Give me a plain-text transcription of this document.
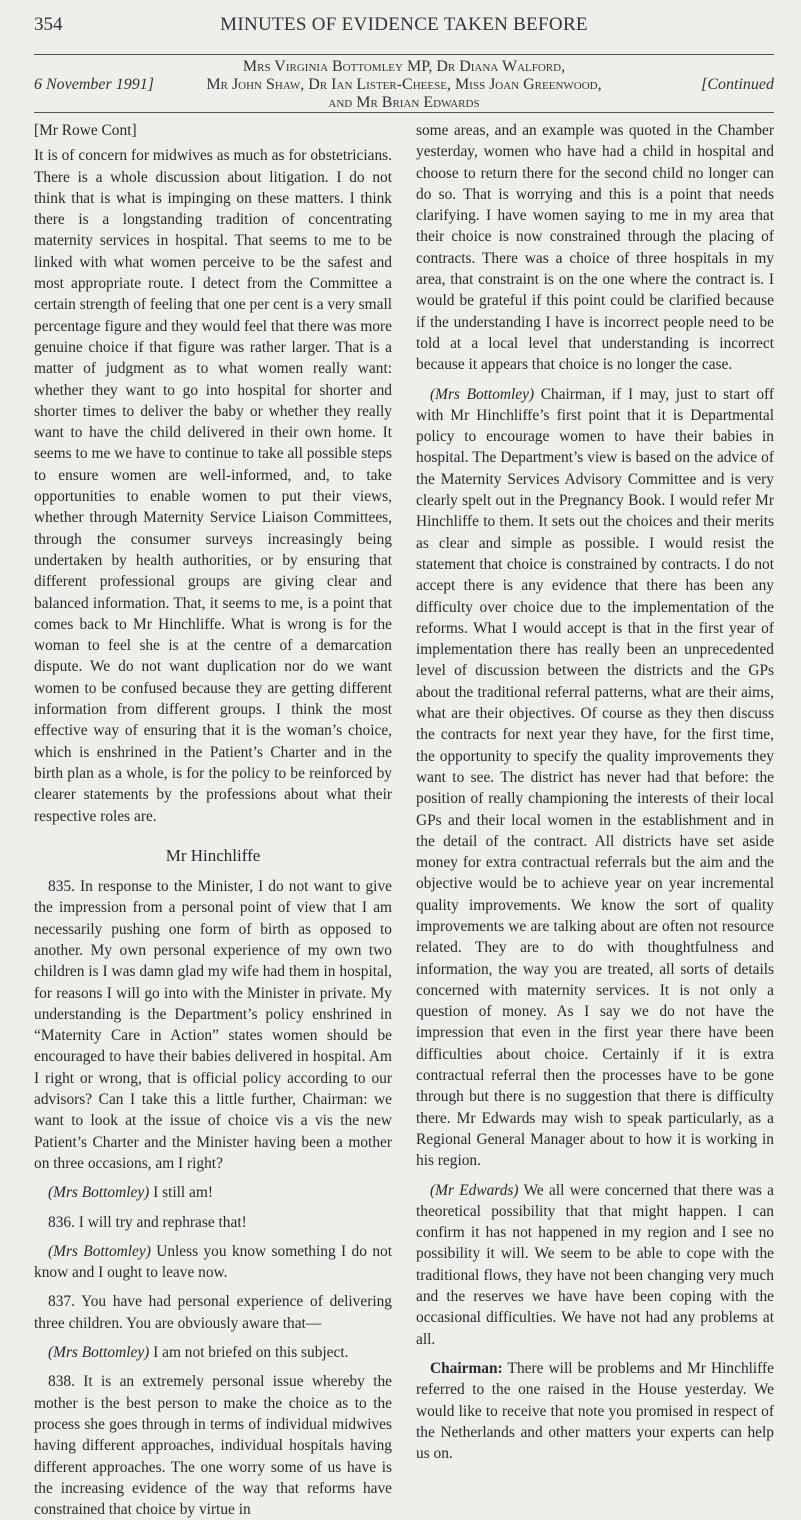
354	MINUTES OF EVIDENCE TAKEN BEFORE
Mrs Virginia Bottomley MP, Dr Diana Walford,
Mr John Shaw, Dr Ian Lister-Cheese, Miss Joan Greenwood,
and Mr Brian Edwards
6 November 1991]	[Continued

[Mr Rowe Cont]

It is of concern for midwives as much as for obstetricians. There is a whole discussion about litigation. I do not think that is what is impinging on these matters. I think there is a longstanding tradition of concentrating maternity services in hospital. That seems to me to be linked with what women perceive to be the safest and most appropriate route. I detect from the Committee a certain strength of feeling that one per cent is a very small percentage figure and they would feel that there was more genuine choice if that figure was rather larger. That is a matter of judgment as to what women really want: whether they want to go into hospital for shorter and shorter times to deliver the baby or whether they really want to have the child delivered in their own home. It seems to me we have to continue to take all possible steps to ensure women are well-informed, and, to take opportunities to enable women to put their views, whether through Maternity Service Liaison Committees, through the consumer surveys increasingly being undertaken by health authorities, or by ensuring that different professional groups are giving clear and balanced information. That, it seems to me, is a point that comes back to Mr Hinchliffe. What is wrong is for the woman to feel she is at the centre of a demarcation dispute. We do not want duplication nor do we want women to be confused because they are getting different information from different groups. I think the most effective way of ensuring that it is the woman’s choice, which is enshrined in the Patient’s Charter and in the birth plan as a whole, is for the policy to be reinforced by clearer statements by the professions about what their respective roles are.

Mr Hinchliffe

835. In response to the Minister, I do not want to give the impression from a personal point of view that I am necessarily pushing one form of birth as opposed to another. My own personal experience of my own two children is I was damn glad my wife had them in hospital, for reasons I will go into with the Minister in private. My understanding is the Department’s policy enshrined in “Maternity Care in Action” states women should be encouraged to have their babies delivered in hospital. Am I right or wrong, that is official policy according to our advisors? Can I take this a little further, Chairman: we want to look at the issue of choice vis a vis the new Patient’s Charter and the Minister having been a mother on three occasions, am I right?

(Mrs Bottomley) I still am!

836. I will try and rephrase that!

(Mrs Bottomley) Unless you know something I do not know and I ought to leave now.

837. You have had personal experience of delivering three children. You are obviously aware that—

(Mrs Bottomley) I am not briefed on this subject.

838. It is an extremely personal issue whereby the mother is the best person to make the choice as to the process she goes through in terms of individual midwives having different approaches, individual hospitals having different approaches. The one worry some of us have is the increasing evidence of the way that reforms have constrained that choice by virtue in

some areas, and an example was quoted in the Chamber yesterday, women who have had a child in hospital and choose to return there for the second child no longer can do so. That is worrying and this is a point that needs clarifying. I have women saying to me in my area that their choice is now constrained through the placing of contracts. There was a choice of three hospitals in my area, that constraint is on the one where the contract is. I would be grateful if this point could be clarified because if the understanding I have is incorrect people need to be told at a local level that understanding is incorrect because it appears that choice is no longer the case.

(Mrs Bottomley) Chairman, if I may, just to start off with Mr Hinchliffe’s first point that it is Departmental policy to encourage women to have their babies in hospital. The Department’s view is based on the advice of the Maternity Services Advisory Committee and is very clearly spelt out in the Pregnancy Book. I would refer Mr Hinchliffe to them. It sets out the choices and their merits as clear and simple as possible. I would resist the statement that choice is constrained by contracts. I do not accept there is any evidence that there has been any difficulty over choice due to the implementation of the reforms. What I would accept is that in the first year of implementation there has really been an unprecedented level of discussion between the districts and the GPs about the traditional referral patterns, what are their aims, what are their objectives. Of course as they then discuss the contracts for next year they have, for the first time, the opportunity to specify the quality improvements they want to see. The district has never had that before: the position of really championing the interests of their local GPs and their local women in the establishment and in the detail of the contract. All districts have set aside money for extra contractual referrals but the aim and the objective would be to achieve year on year incremental quality improvements. We know the sort of quality improvements we are talking about are often not resource related. They are to do with thoughtfulness and information, the way you are treated, all sorts of details concerned with maternity services. It is not only a question of money. As I say we do not have the impression that even in the first year there have been difficulties about choice. Certainly if it is extra contractual referral then the processes have to be gone through but there is no suggestion that there is difficulty there. Mr Edwards may wish to speak particularly, as a Regional General Manager about to how it is working in his region.

(Mr Edwards) We all were concerned that there was a theoretical possibility that that might happen. I can confirm it has not happened in my region and I see no possibility it will. We seem to be able to cope with the traditional flows, they have not been changing very much and the reserves we have have been coping with the occasional difficulties. We have not had any problems at all.

Chairman: There will be problems and Mr Hinchliffe referred to the one raised in the House yesterday. We would like to receive that note you promised in respect of the Netherlands and other matters your experts can help us on.
